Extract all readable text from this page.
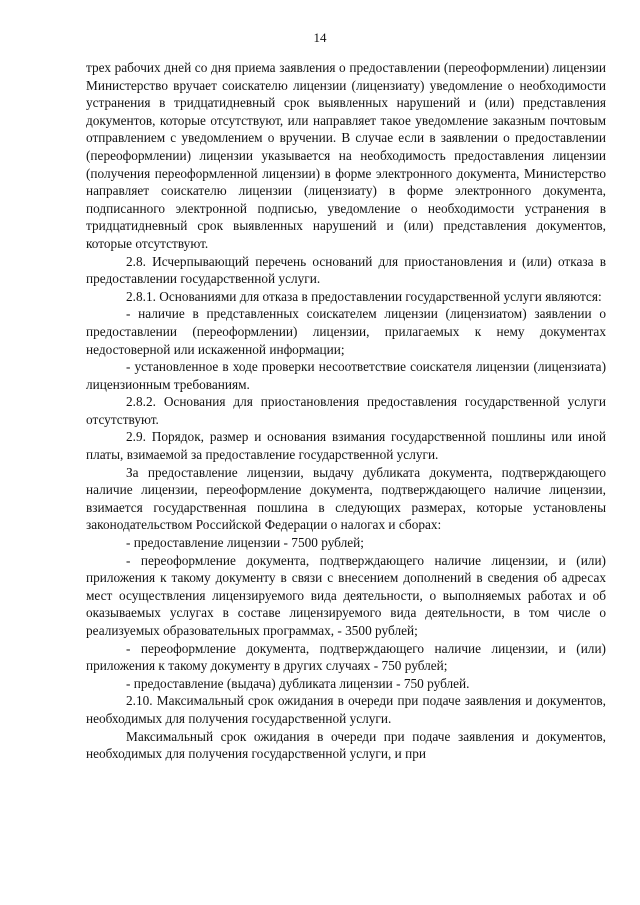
14

трех рабочих дней со дня приема заявления о предоставлении (переоформлении) лицензии Министерство вручает соискателю лицензии (лицензиату) уведомление о необходимости устранения в тридцатидневный срок выявленных нарушений и (или) представления документов, которые отсутствуют, или направляет такое уведомление заказным почтовым отправлением с уведомлением о вручении. В случае если в заявлении о предоставлении (переоформлении) лицензии указывается на необходимость предоставления лицензии (получения переоформленной лицензии) в форме электронного документа, Министерство направляет соискателю лицензии (лицензиату) в форме электронного документа, подписанного электронной подписью, уведомление о необходимости устранения в тридцатидневный срок выявленных нарушений и (или) представления документов, которые отсутствуют.

2.8. Исчерпывающий перечень оснований для приостановления и (или) отказа в предоставлении государственной услуги.

2.8.1. Основаниями для отказа в предоставлении государственной услуги являются:

- наличие в представленных соискателем лицензии (лицензиатом) заявлении о предоставлении (переоформлении) лицензии, прилагаемых к нему документах недостоверной или искаженной информации;

- установленное в ходе проверки несоответствие соискателя лицензии (лицензиата) лицензионным требованиям.

2.8.2. Основания для приостановления предоставления государственной услуги отсутствуют.

2.9. Порядок, размер и основания взимания государственной пошлины или иной платы, взимаемой за предоставление государственной услуги.

За предоставление лицензии, выдачу дубликата документа, подтверждающего наличие лицензии, переоформление документа, подтверждающего наличие лицензии, взимается государственная пошлина в следующих размерах, которые установлены законодательством Российской Федерации о налогах и сборах:

- предоставление лицензии - 7500 рублей;

- переоформление документа, подтверждающего наличие лицензии, и (или) приложения к такому документу в связи с внесением дополнений в сведения об адресах мест осуществления лицензируемого вида деятельности, о выполняемых работах и об оказываемых услугах в составе лицензируемого вида деятельности, в том числе о реализуемых образовательных программах, - 3500 рублей;

- переоформление документа, подтверждающего наличие лицензии, и (или) приложения к такому документу в других случаях - 750 рублей;

- предоставление (выдача) дубликата лицензии - 750 рублей.

2.10. Максимальный срок ожидания в очереди при подаче заявления и документов, необходимых для получения государственной услуги.

Максимальный срок ожидания в очереди при подаче заявления и документов, необходимых для получения государственной услуги, и при
